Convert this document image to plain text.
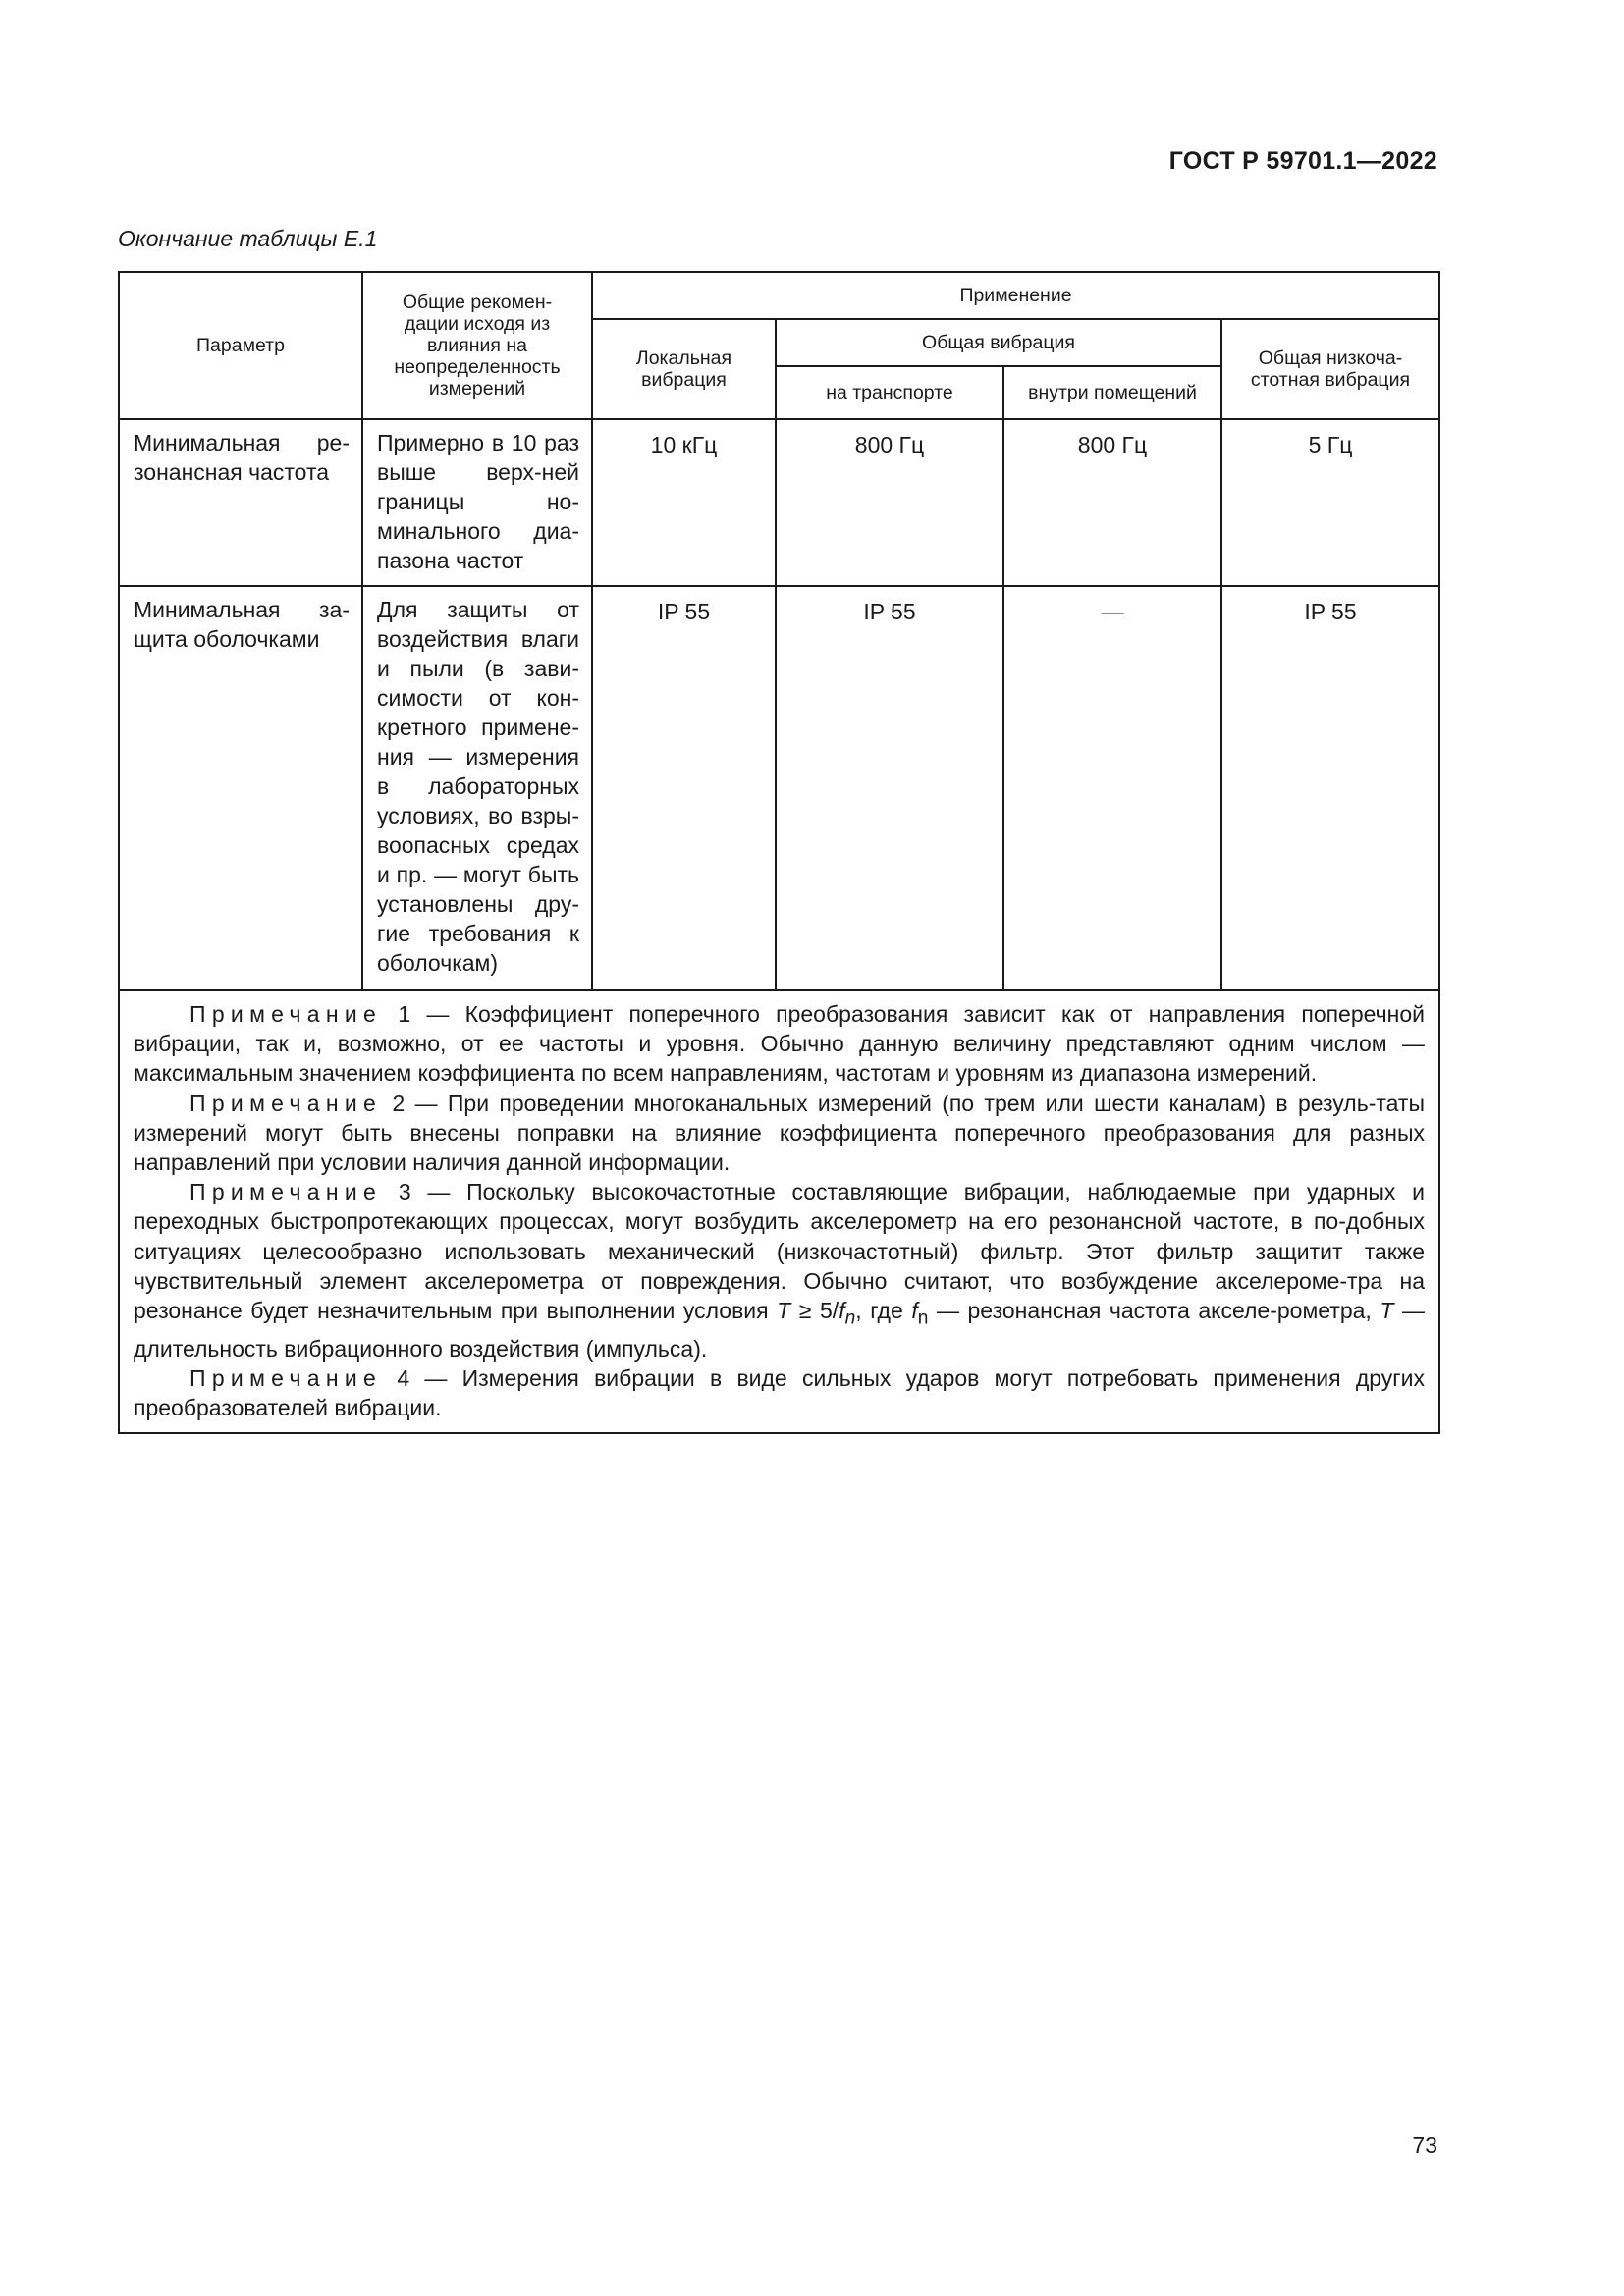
ГОСТ Р 59701.1—2022
Окончание таблицы Е.1
Параметр	Общие рекомен-дации исходя из влияния на неопределенность измерений	Применение			
		Локальная вибрация	Общая вибрация		Общая низкоча-стотная вибрация
			на транспорте	внутри помещений	
Минимальная ре-зонансная частота	Примерно в 10 раз выше верх-ней границы но-минального диа-пазона частот	10 кГц	800 Гц	800 Гц	5 Гц
Минимальная за-щита оболочками	Для защиты от воздействия влаги и пыли (в зави-симости от кон-кретного примене-ния — измерения в лабораторных условиях, во взры-воопасных средах и пр. — могут быть установлены дру-гие требования к оболочкам)	IP 55	IP 55	—	IP 55

Примечание 1 — Коэффициент поперечного преобразования зависит как от направления поперечной вибрации, так и, возможно, от ее частоты и уровня. Обычно данную величину представляют одним числом — максимальным значением коэффициента по всем направлениям, частотам и уровням из диапазона измерений.

Примечание 2 — При проведении многоканальных измерений (по трем или шести каналам) в резуль-таты измерений могут быть внесены поправки на влияние коэффициента поперечного преобразования для разных направлений при условии наличия данной информации.

Примечание 3 — Поскольку высокочастотные составляющие вибрации, наблюдаемые при ударных и переходных быстропротекающих процессах, могут возбудить акселерометр на его резонансной частоте, в по-добных ситуациях целесообразно использовать механический (низкочастотный) фильтр. Этот фильтр защитит также чувствительный элемент акселерометра от повреждения. Обычно считают, что возбуждение акселероме-тра на резонансе будет незначительным при выполнении условия $T \ge 5/f_n$, где $f_n$ — резонансная частота акселе-рометра, T — длительность вибрационного воздействия (импульса).

Примечание 4 — Измерения вибрации в виде сильных ударов могут потребовать применения других преобразователей вибрации.					

73
